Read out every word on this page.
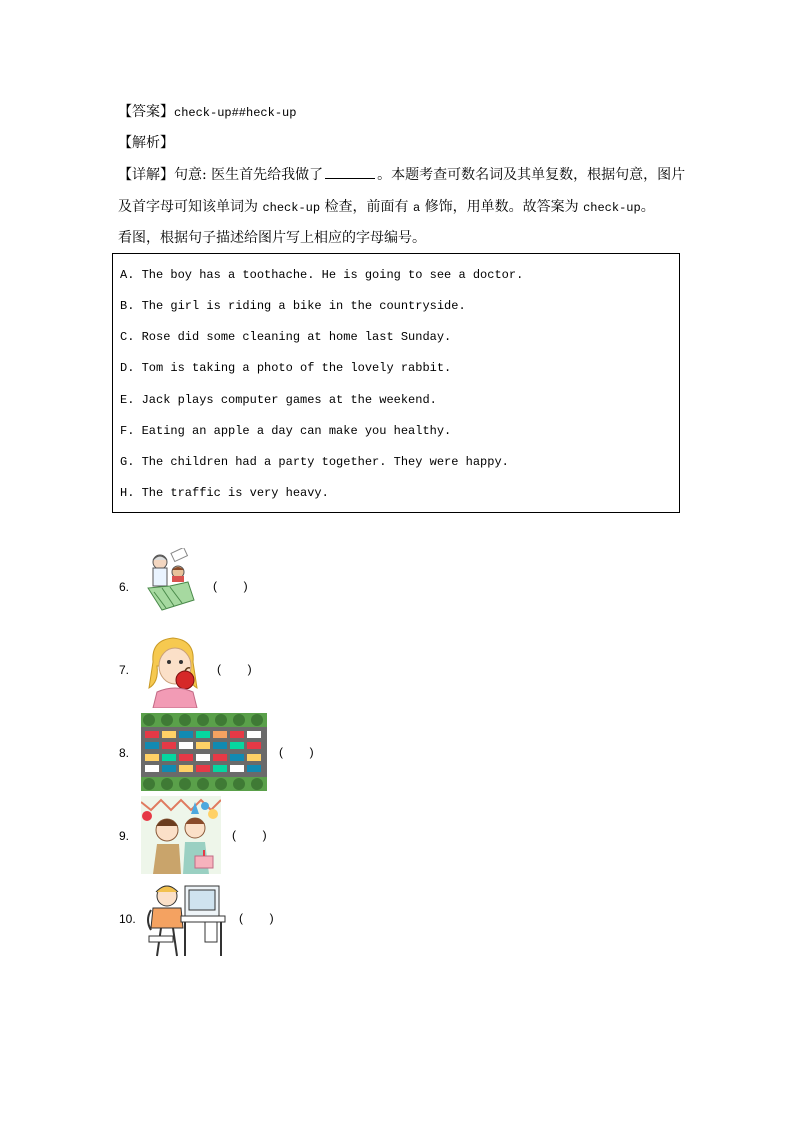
【答案】check-up##heck-up
【解析】
【详解】句意: 医生首先给我做了	。本题考查可数名词及其单复数，根据句意，图片
及首字母可知该单词为 check-up 检查，前面有 a 修饰，用单数。故答案为 check-up。
看图，根据句子描述给图片写上相应的字母编号。
A. The boy has a toothache. He is going to see a doctor.
B. The girl is riding a bike in the countryside.
C. Rose did some cleaning at home last Sunday.
D. Tom is taking a photo of the lovely rabbit.
E. Jack plays computer games at the weekend.
F. Eating an apple a day can make you healthy.
G. The children had a party together. They were happy.
H. The traffic is very heavy.
6.	(        )
7.	(        )
8.	(        )
9.	(        )
10.	(        )
